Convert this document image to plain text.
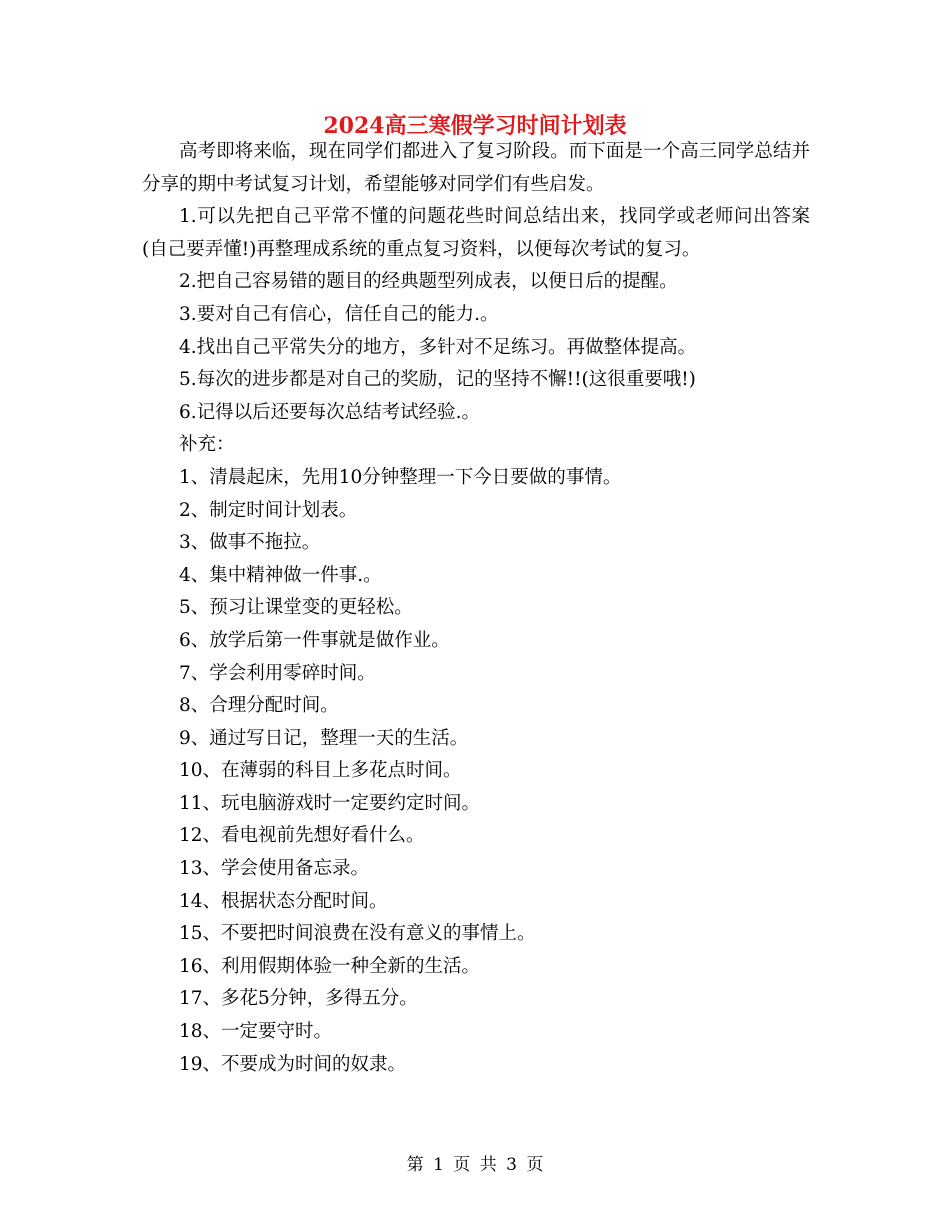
2024高三寒假学习时间计划表

高考即将来临，现在同学们都进入了复习阶段。而下面是一个高三同学总结并分享的期中考试复习计划，希望能够对同学们有些启发。

1.可以先把自己平常不懂的问题花些时间总结出来，找同学或老师问出答案(自己要弄懂!)再整理成系统的重点复习资料，以便每次考试的复习。

2.把自己容易错的题目的经典题型列成表，以便日后的提醒。

3.要对自己有信心，信任自己的能力.。

4.找出自己平常失分的地方，多针对不足练习。再做整体提高。

5.每次的进步都是对自己的奖励，记的坚持不懈!!(这很重要哦!)

6.记得以后还要每次总结考试经验.。

补充：

1、清晨起床，先用10分钟整理一下今日要做的事情。

2、制定时间计划表。

3、做事不拖拉。

4、集中精神做一件事.。

5、预习让课堂变的更轻松。

6、放学后第一件事就是做作业。

7、学会利用零碎时间。

8、合理分配时间。

9、通过写日记，整理一天的生活。

10、在薄弱的科目上多花点时间。

11、玩电脑游戏时一定要约定时间。

12、看电视前先想好看什么。

13、学会使用备忘录。

14、根据状态分配时间。

15、不要把时间浪费在没有意义的事情上。

16、利用假期体验一种全新的生活。

17、多花5分钟，多得五分。

18、一定要守时。

19、不要成为时间的奴隶。

第 1 页 共 3 页
